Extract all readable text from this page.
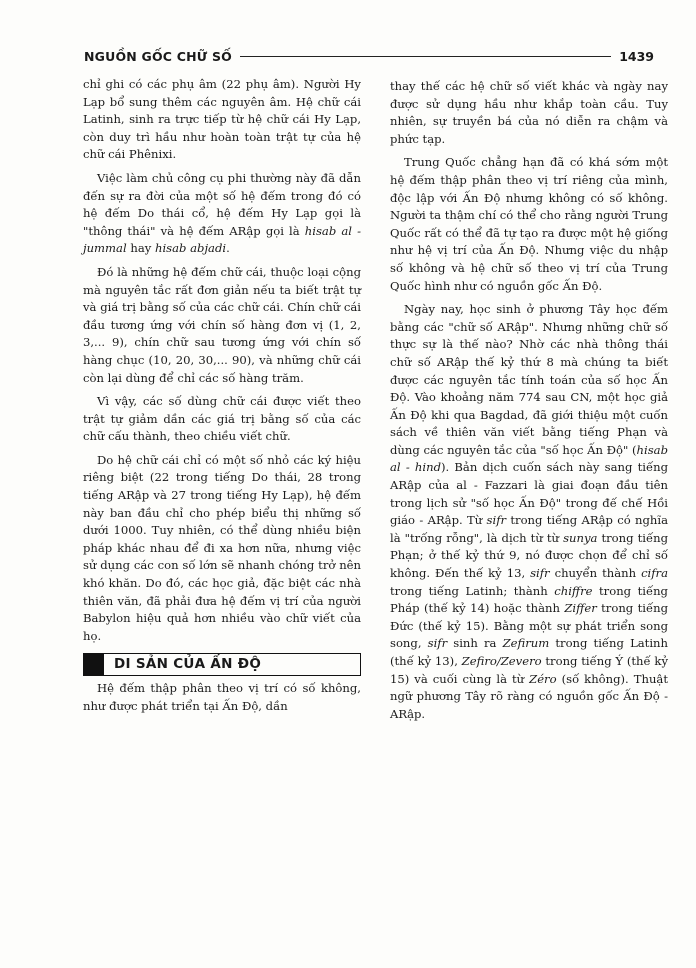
NGUỒN GỐC CHỮ SỐ	1439

chỉ ghi có các phụ âm (22 phụ âm). Người Hy Lạp bổ sung thêm các nguyên âm. Hệ chữ cái Latinh, sinh ra trực tiếp từ hệ chữ cái Hy Lạp, còn duy trì hầu như hoàn toàn trật tự của hệ chữ cái Phênixi.

Việc làm chủ công cụ phi thường này đã dẫn đến sự ra đời của một số hệ đếm trong đó có hệ đếm Do thái cổ, hệ đếm Hy Lạp gọi là "thông thái" và hệ đếm ARập gọi là hisab al - jummal hay hisab abjadi.

Đó là những hệ đếm chữ cái, thuộc loại cộng mà nguyên tắc rất đơn giản nếu ta biết trật tự và giá trị bằng số của các chữ cái. Chín chữ cái đầu tương ứng với chín số hàng đơn vị (1, 2, 3,... 9), chín chữ sau tương ứng với chín số hàng chục (10, 20, 30,... 90), và những chữ cái còn lại dùng để chỉ các số hàng trăm.

Vì vậy, các số dùng chữ cái được viết theo trật tự giảm dần các giá trị bằng số của các chữ cấu thành, theo chiều viết chữ.

Do hệ chữ cái chỉ có một số nhỏ các ký hiệu riêng biệt (22 trong tiếng Do thái, 28 trong tiếng ARập và 27 trong tiếng Hy Lạp), hệ đếm này ban đầu chỉ cho phép biểu thị những số dưới 1000. Tuy nhiên, có thể dùng nhiều biện pháp khác nhau để đi xa hơn nữa, nhưng việc sử dụng các con số lớn sẽ nhanh chóng trở nên khó khăn. Do đó, các học giả, đặc biệt các nhà thiên văn, đã phải đưa hệ đếm vị trí của người Babylon hiệu quả hơn nhiều vào chữ viết của họ.

DI SẢN CỦA ẤN ĐỘ

Hệ đếm thập phân theo vị trí có số không, như được phát triển tại Ấn Độ, dần

thay thế các hệ chữ số viết khác và ngày nay được sử dụng hầu như khắp toàn cầu. Tuy nhiên, sự truyền bá của nó diễn ra chậm và phức tạp.

Trung Quốc chẳng hạn đã có khá sớm một hệ đếm thập phân theo vị trí riêng của mình, độc lập với Ấn Độ nhưng không có số không. Người ta thậm chí có thể cho rằng người Trung Quốc rất có thể đã tự tạo ra được một hệ giống như hệ vị trí của Ấn Độ. Nhưng việc du nhập số không và hệ chữ số theo vị trí của Trung Quốc hình như có nguồn gốc Ấn Độ.

Ngày nay, học sinh ở phương Tây học đếm bằng các "chữ số ARập". Nhưng những chữ số thực sự là thế nào? Nhờ các nhà thông thái chữ số ARập thế kỷ thứ 8 mà chúng ta biết được các nguyên tắc tính toán của số học Ấn Độ. Vào khoảng năm 774 sau CN, một học giả Ấn Độ khi qua Bagdad, đã giới thiệu một cuốn sách về thiên văn viết bằng tiếng Phạn và dùng các nguyên tắc của "số học Ấn Độ" (hisab al - hind). Bản dịch cuốn sách này sang tiếng ARập của al - Fazzari là giai đoạn đầu tiên trong lịch sử "số học Ấn Độ" trong đế chế Hồi giáo - ARập. Từ sifr trong tiếng ARập có nghĩa là "trống rỗng", là dịch từ từ sunya trong tiếng Phạn; ở thế kỷ thứ 9, nó được chọn để chỉ số không. Đến thế kỷ 13, sifr chuyển thành cifra trong tiếng Latinh; thành chiffre trong tiếng Pháp (thế kỷ 14) hoặc thành Ziffer trong tiếng Đức (thế kỷ 15). Bằng một sự phát triển song song, sifr sinh ra Zefirum trong tiếng Latinh (thế kỷ 13), Zefiro/Zevero trong tiếng Ý (thế kỷ 15) và cuối cùng là từ Zéro (số không). Thuật ngữ phương Tây rõ ràng có nguồn gốc Ấn Độ - ARập.
